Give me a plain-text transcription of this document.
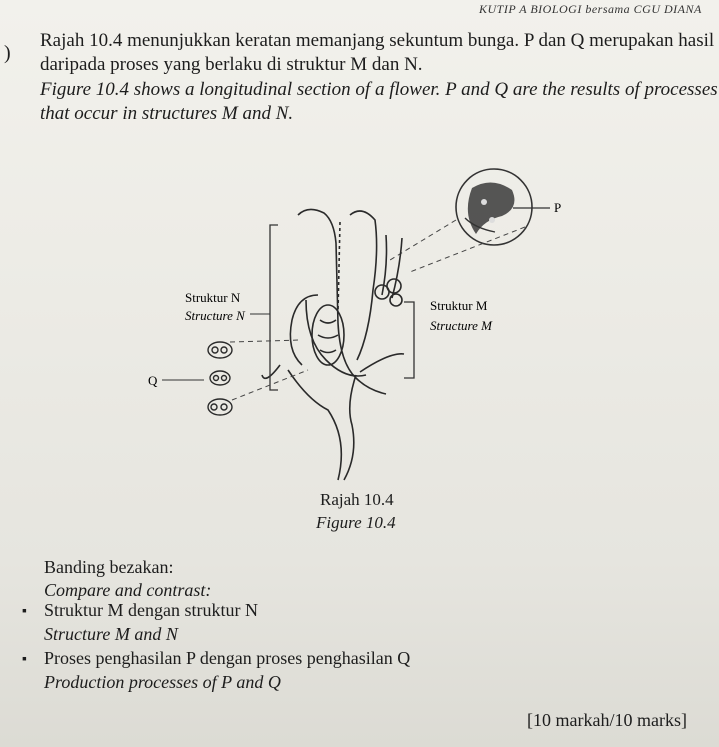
KUTIP A BIOLOGI bersama CGU DIANA
)
Rajah 10.4 menunjukkan keratan memanjang sekuntum bunga. P dan Q merupakan hasil
daripada proses yang berlaku di struktur M dan N.
Figure 10.4 shows a longitudinal section of a flower. P and Q are the results of processes
that occur in structures M and N.
P
Struktur N
Structure N
Struktur M
Structure M
Q
Rajah 10.4
Figure 10.4
Banding bezakan:
Compare and contrast:
▪ Struktur M dengan struktur N
Structure M and N
▪ Proses penghasilan P dengan proses penghasilan Q
Production processes of P and Q
[10 markah/10 marks]
